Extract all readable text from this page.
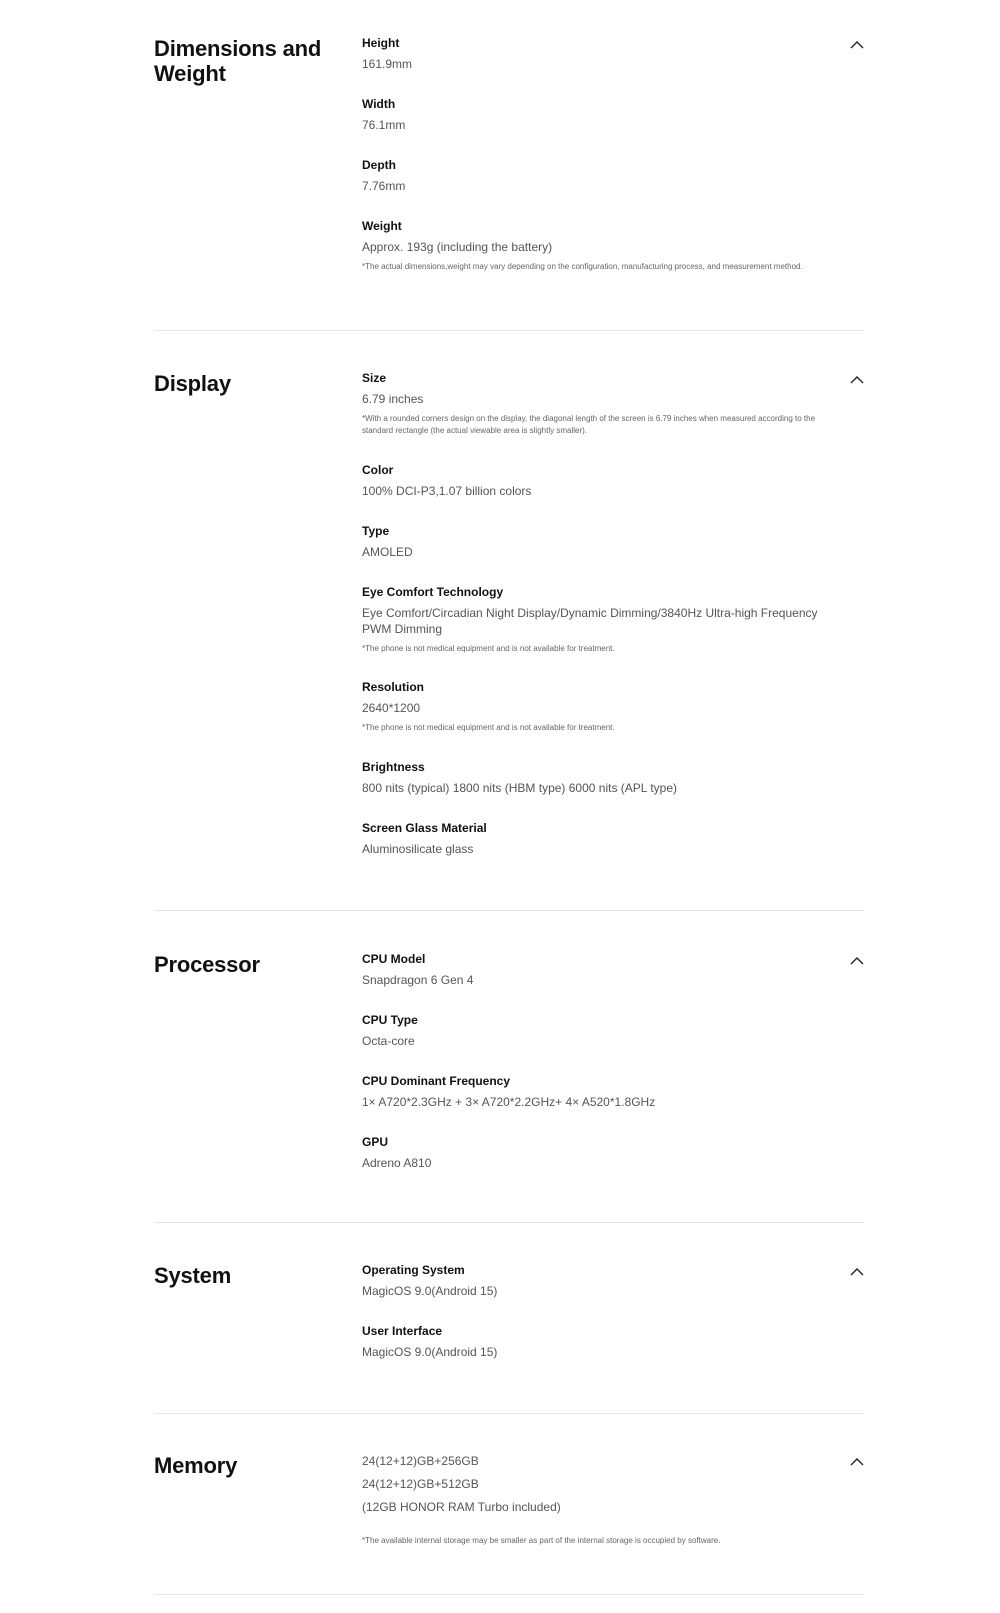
Dimensions and Weight
Height
161.9mm
Width
76.1mm
Depth
7.76mm
Weight
Approx. 193g (including the battery)
*The actual dimensions,weight may vary depending on the configuration, manufacturing process, and measurement method.
Display	Size
6.79 inches
*With a rounded corners design on the display, the diagonal length of the screen is 6.79 inches when measured according to the standard rectangle (the actual viewable area is slightly smaller).
Color
100% DCI-P3,1.07 billion colors
Type
AMOLED
Eye Comfort Technology
Eye Comfort/Circadian Night Display/Dynamic Dimming/3840Hz Ultra-high Frequency PWM Dimming
*The phone is not medical equipment and is not available for treatment.
Resolution
2640*1200
*The phone is not medical equipment and is not available for treatment.
Brightness
800 nits (typical) 1800 nits (HBM type) 6000 nits (APL type)
Screen Glass Material
Aluminosilicate glass
Processor	CPU Model
Snapdragon 6 Gen 4
CPU Type
Octa-core
CPU Dominant Frequency
1× A720*2.3GHz + 3× A720*2.2GHz+ 4× A520*1.8GHz
GPU
Adreno A810
System	Operating System
MagicOS 9.0(Android 15)
User Interface
MagicOS 9.0(Android 15)
Memory	24(12+12)GB+256GB
24(12+12)GB+512GB
(12GB HONOR RAM Turbo included)
*The available internal storage may be smaller as part of the internal storage is occupied by software.
